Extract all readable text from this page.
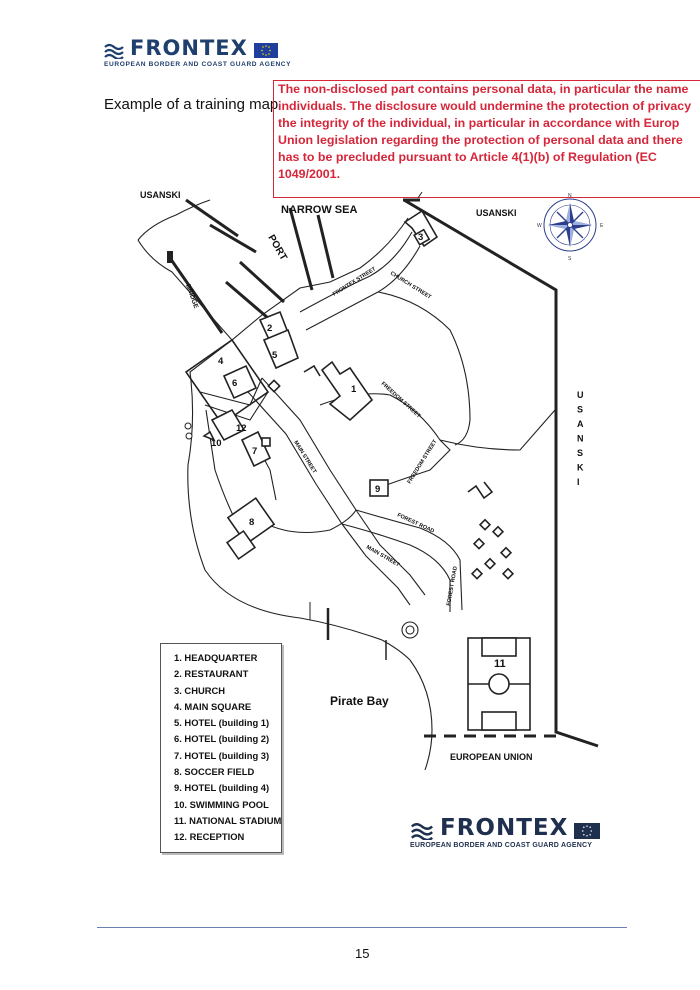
FRONTEX
EUROPEAN BORDER AND COAST GUARD AGENCY
Example of a training map
The non-disclosed part contains personal data, in particular the name
individuals. The disclosure would undermine the protection of privacy
the integrity of the individual, in particular in accordance with Europ
Union legislation regarding the protection of personal data and there
has to be precluded pursuant to Article 4(1)(b) of Regulation (EC
1049/2001.
N
S
E
W
USANSKI
USANSKI
NARROW SEA
PORT
BRIDGE	FRONTEX STREET CHURCH STREET
FREEDOM STREET
FREEDOM STREET
MAIN STREET
MAIN STREET
FOREST ROAD
FOREST ROAD
Pirate Bay
EUROPEAN UNION
U S A N S K I
1
2
3
4
5
6
7
8
9
10
11
12
1. HEADQUARTER
2. RESTAURANT
3. CHURCH
4. MAIN SQUARE
5. HOTEL (building 1)
6. HOTEL (building 2)
7. HOTEL (building 3)
8. SOCCER FIELD
9. HOTEL (building 4)
10. SWIMMING POOL
11. NATIONAL STADIUM
12. RECEPTION	FRONTEX
EUROPEAN BORDER AND COAST GUARD AGENCY
15
